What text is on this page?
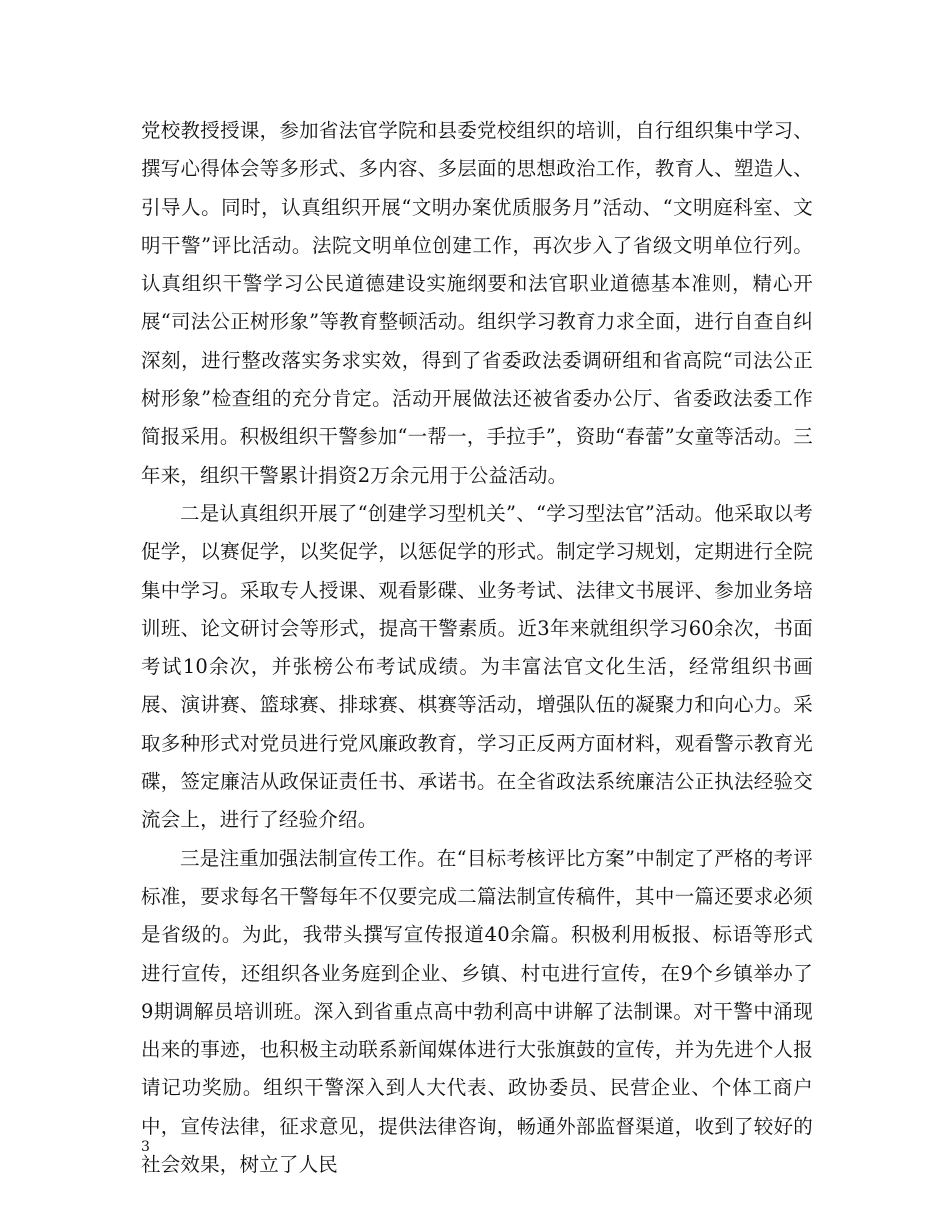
党校教授授课，参加省法官学院和县委党校组织的培训，自行组织集中学习、撰写心得体会等多形式、多内容、多层面的思想政治工作，教育人、塑造人、引导人。同时，认真组织开展“文明办案优质服务月”活动、“文明庭科室、文明干警”评比活动。法院文明单位创建工作，再次步入了省级文明单位行列。认真组织干警学习公民道德建设实施纲要和法官职业道德基本准则，精心开展“司法公正树形象”等教育整顿活动。组织学习教育力求全面，进行自查自纠深刻，进行整改落实务求实效，得到了省委政法委调研组和省高院“司法公正树形象”检查组的充分肯定。活动开展做法还被省委办公厅、省委政法委工作简报采用。积极组织干警参加“一帮一，手拉手”，资助“春蕾”女童等活动。三年来，组织干警累计捐资2万余元用于公益活动。

二是认真组织开展了“创建学习型机关”、“学习型法官”活动。他采取以考促学，以赛促学，以奖促学，以惩促学的形式。制定学习规划，定期进行全院集中学习。采取专人授课、观看影碟、业务考试、法律文书展评、参加业务培训班、论文研讨会等形式，提高干警素质。近3年来就组织学习60余次，书面考试10余次，并张榜公布考试成绩。为丰富法官文化生活，经常组织书画展、演讲赛、篮球赛、排球赛、棋赛等活动，增强队伍的凝聚力和向心力。采取多种形式对党员进行党风廉政教育，学习正反两方面材料，观看警示教育光碟，签定廉洁从政保证责任书、承诺书。在全省政法系统廉洁公正执法经验交流会上，进行了经验介绍。

三是注重加强法制宣传工作。在“目标考核评比方案”中制定了严格的考评标准，要求每名干警每年不仅要完成二篇法制宣传稿件，其中一篇还要求必须是省级的。为此，我带头撰写宣传报道40余篇。积极利用板报、标语等形式进行宣传，还组织各业务庭到企业、乡镇、村屯进行宣传，在9个乡镇举办了9期调解员培训班。深入到省重点高中勃利高中讲解了法制课。对干警中涌现出来的事迹，也积极主动联系新闻媒体进行大张旗鼓的宣传，并为先进个人报请记功奖励。组织干警深入到人大代表、政协委员、民营企业、个体工商户中，宣传法律，征求意见，提供法律咨询，畅通外部监督渠道，收到了较好的社会效果，树立了人民

3
